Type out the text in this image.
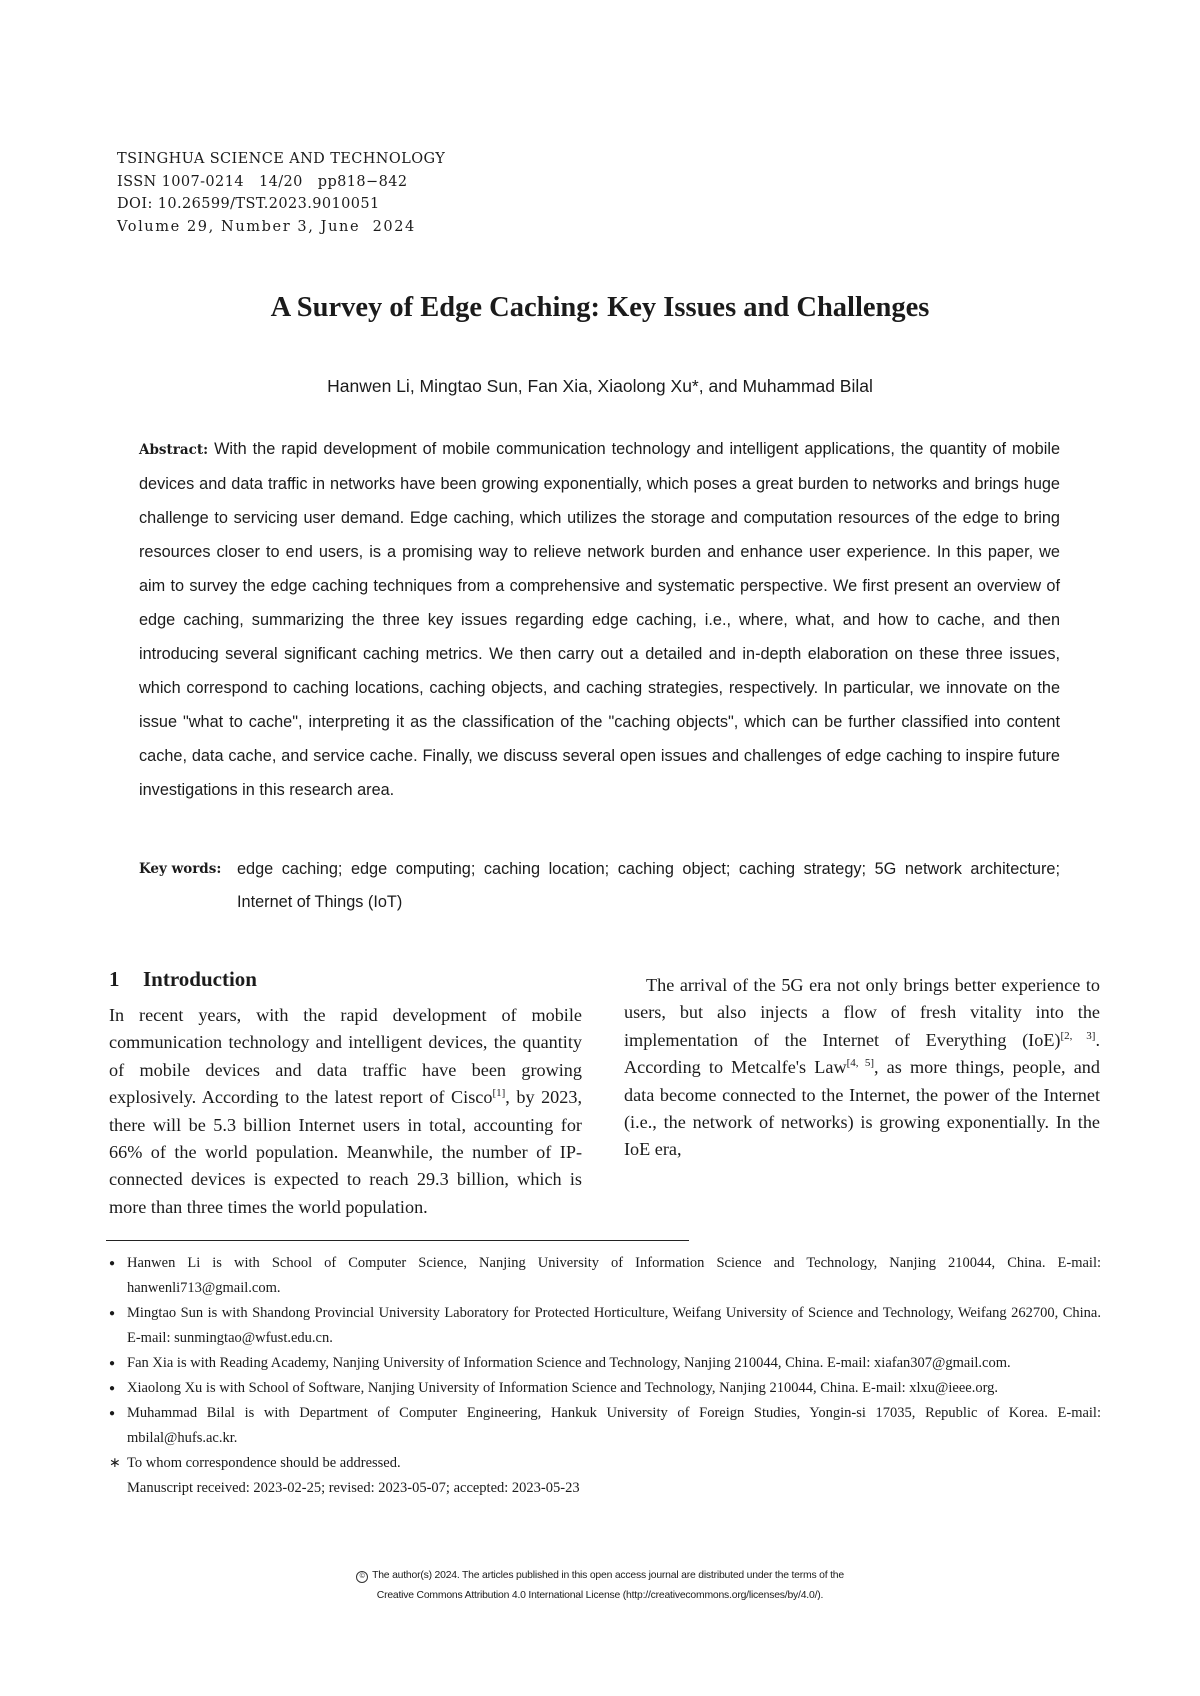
TSINGHUA SCIENCE AND TECHNOLOGY
ISSN 1007-0214   14/20   pp818−842
DOI: 10.26599/TST.2023.9010051
Volume 29, Number 3, June  2024
A Survey of Edge Caching: Key Issues and Challenges
Hanwen Li, Mingtao Sun, Fan Xia, Xiaolong Xu*, and Muhammad Bilal
Abstract: With the rapid development of mobile communication technology and intelligent applications, the quantity of mobile devices and data traffic in networks have been growing exponentially, which poses a great burden to networks and brings huge challenge to servicing user demand. Edge caching, which utilizes the storage and computation resources of the edge to bring resources closer to end users, is a promising way to relieve network burden and enhance user experience. In this paper, we aim to survey the edge caching techniques from a comprehensive and systematic perspective. We first present an overview of edge caching, summarizing the three key issues regarding edge caching, i.e., where, what, and how to cache, and then introducing several significant caching metrics. We then carry out a detailed and in-depth elaboration on these three issues, which correspond to caching locations, caching objects, and caching strategies, respectively. In particular, we innovate on the issue "what to cache", interpreting it as the classification of the "caching objects", which can be further classified into content cache, data cache, and service cache. Finally, we discuss several open issues and challenges of edge caching to inspire future investigations in this research area.
Key words: edge caching; edge computing; caching location; caching object; caching strategy; 5G network architecture; Internet of Things (IoT)
1 Introduction

In recent years, with the rapid development of mobile communication technology and intelligent devices, the quantity of mobile devices and data traffic have been growing explosively. According to the latest report of Cisco[1], by 2023, there will be 5.3 billion Internet users in total, accounting for 66% of the world population. Meanwhile, the number of IP-connected devices is expected to reach 29.3 billion, which is more than three times the world population.

The arrival of the 5G era not only brings better experience to users, but also injects a flow of fresh vitality into the implementation of the Internet of Everything (IoE)[2, 3]. According to Metcalfe's Law[4, 5], as more things, people, and data become connected to the Internet, the power of the Internet (i.e., the network of networks) is growing exponentially. In the IoE era,

● Hanwen Li is with School of Computer Science, Nanjing University of Information Science and Technology, Nanjing 210044, China. E-mail: hanwenli713@gmail.com.
● Mingtao Sun is with Shandong Provincial University Laboratory for Protected Horticulture, Weifang University of Science and Technology, Weifang 262700, China. E-mail: sunmingtao@wfust.edu.cn.
● Fan Xia is with Reading Academy, Nanjing University of Information Science and Technology, Nanjing 210044, China. E-mail: xiafan307@gmail.com.
● Xiaolong Xu is with School of Software, Nanjing University of Information Science and Technology, Nanjing 210044, China. E-mail: xlxu@ieee.org.
● Muhammad Bilal is with Department of Computer Engineering, Hankuk University of Foreign Studies, Yongin-si 17035, Republic of Korea. E-mail: mbilal@hufs.ac.kr.
∗ To whom correspondence should be addressed.
Manuscript received: 2023-02-25; revised: 2023-05-07; accepted: 2023-05-23
© The author(s) 2024. The articles published in this open access journal are distributed under the terms of the
Creative Commons Attribution 4.0 International License (http://creativecommons.org/licenses/by/4.0/).
